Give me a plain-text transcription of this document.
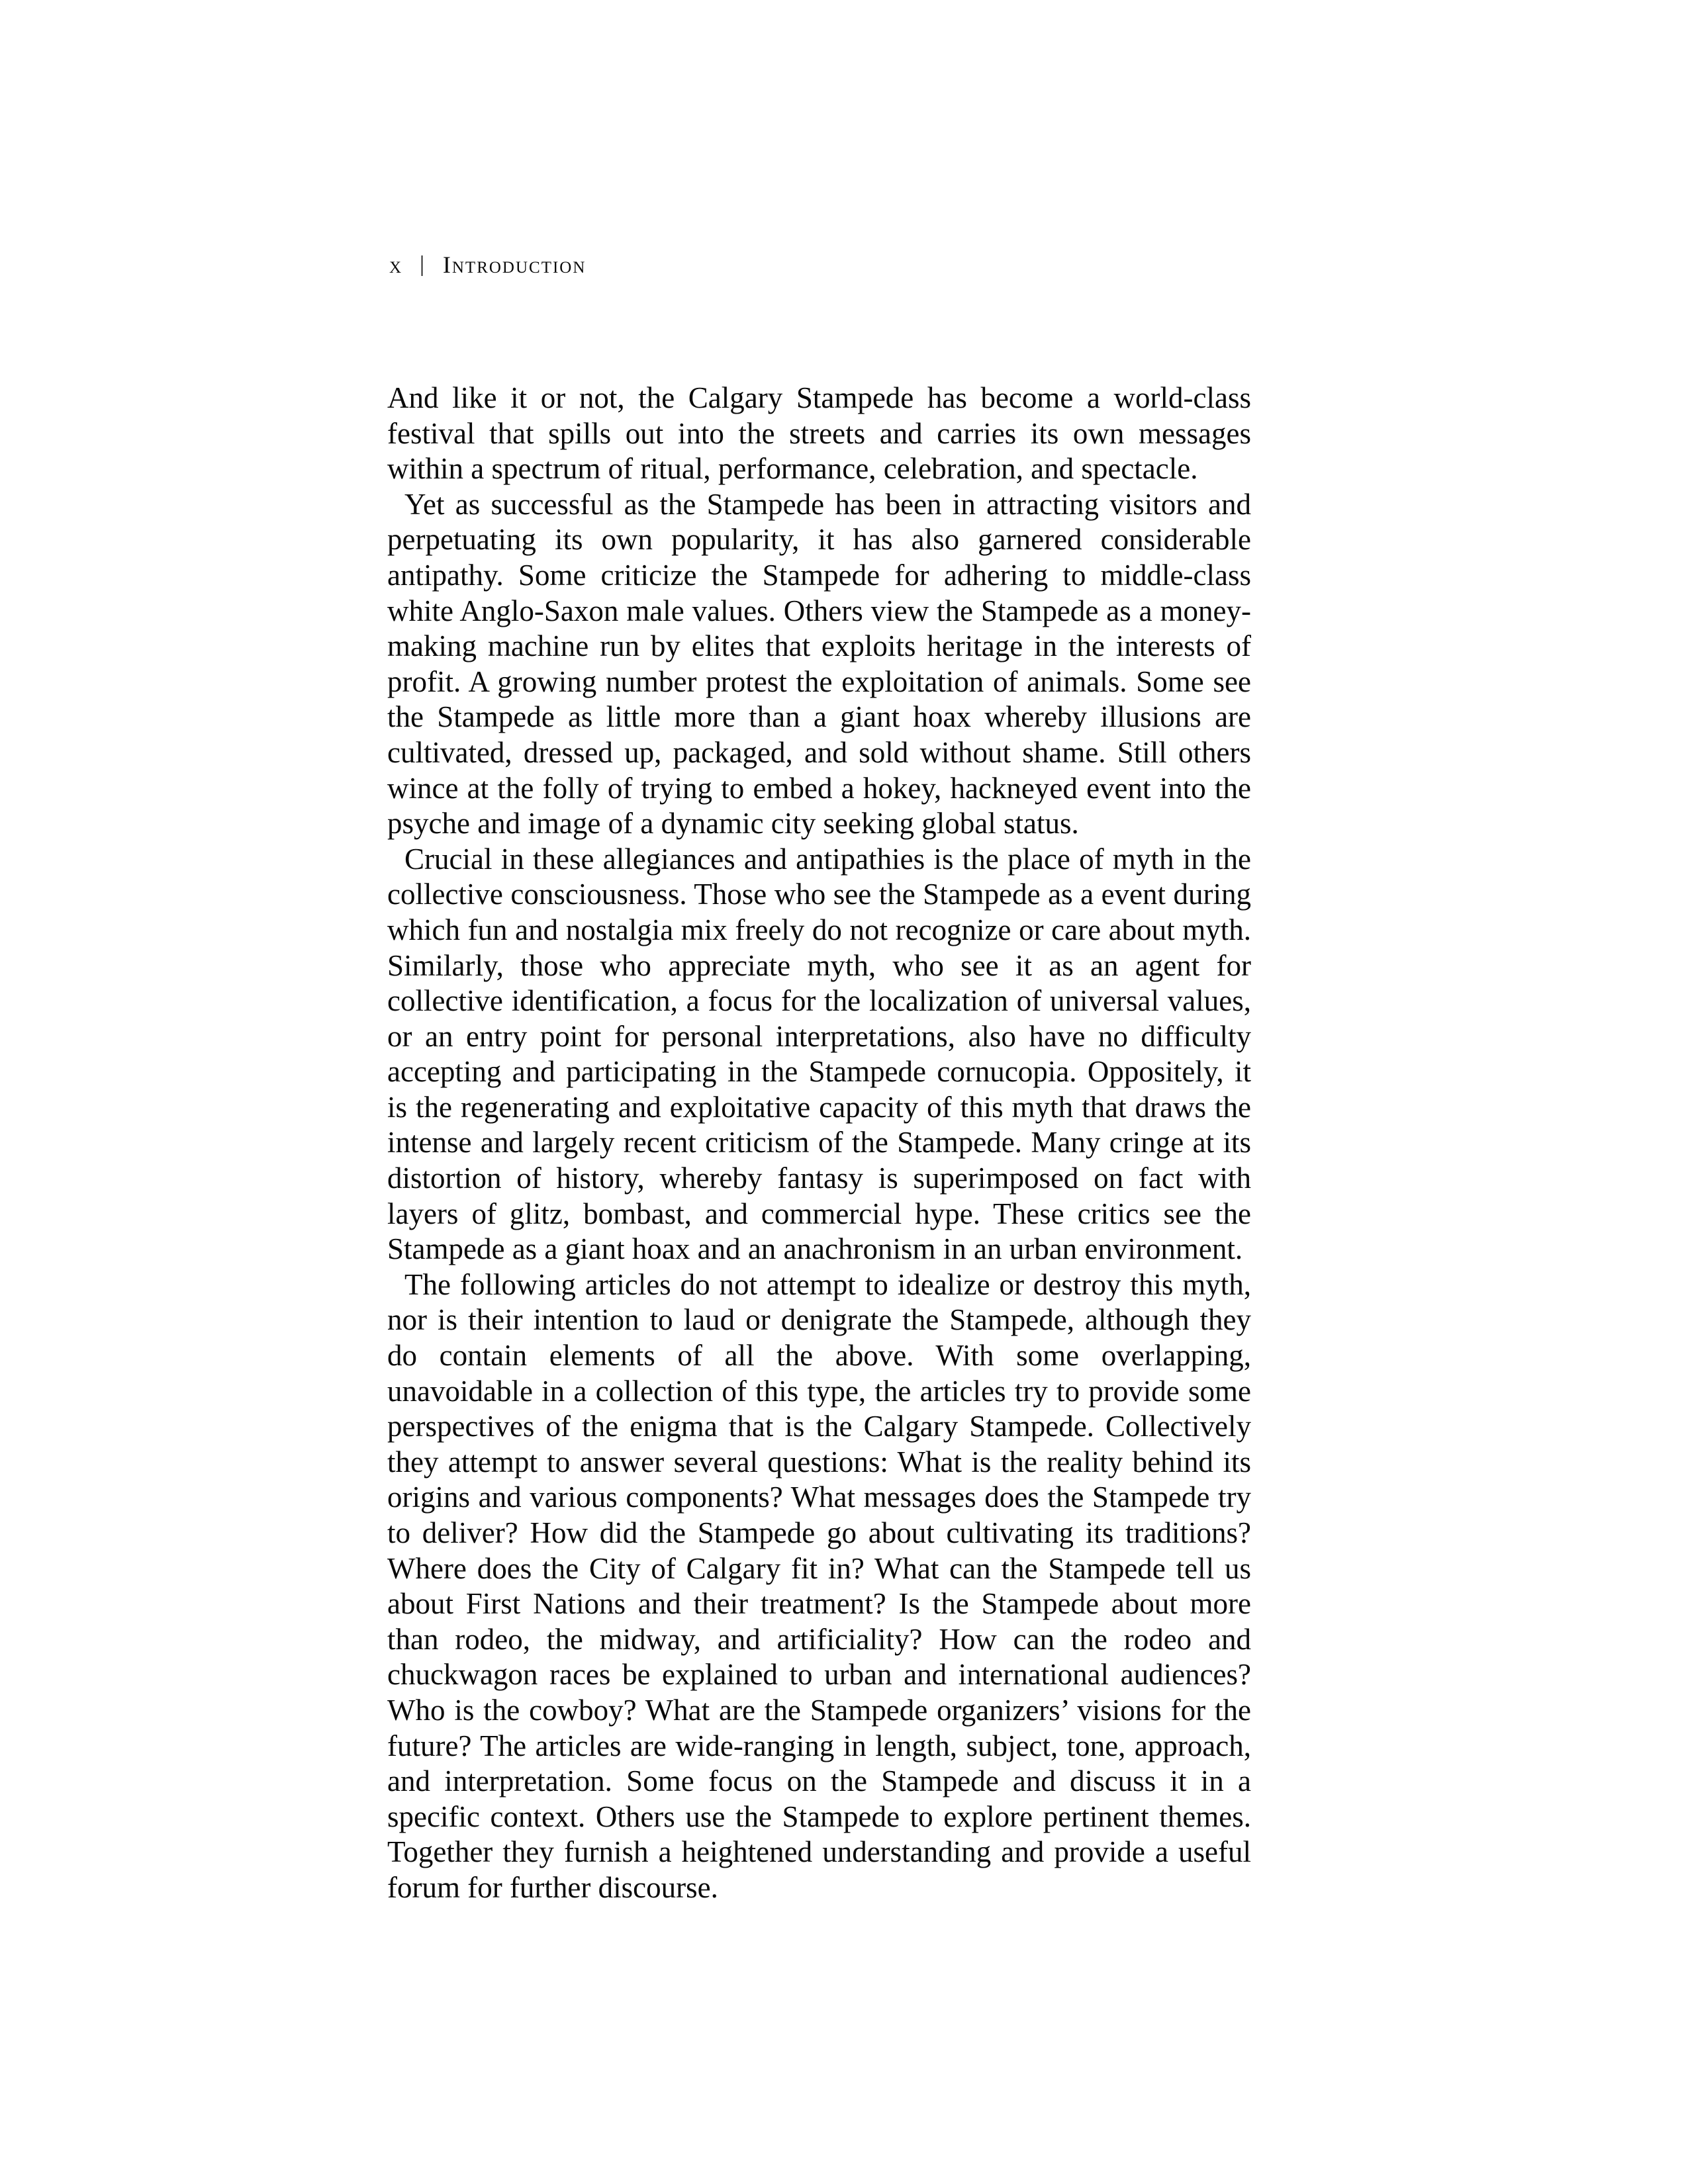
x | Introduction

And like it or not, the Calgary Stampede has become a world-class festival that spills out into the streets and carries its own messages within a spectrum of ritual, performance, celebration, and spectacle.

Yet as successful as the Stampede has been in attracting visitors and perpetuating its own popularity, it has also garnered considerable antipathy. Some criticize the Stampede for adhering to middle-class white Anglo-Saxon male values. Others view the Stampede as a money-making machine run by elites that exploits heritage in the interests of profit. A growing number protest the exploitation of animals. Some see the Stampede as little more than a giant hoax whereby illusions are cultivated, dressed up, packaged, and sold without shame. Still others wince at the folly of trying to embed a hokey, hackneyed event into the psyche and image of a dynamic city seeking global status.

Crucial in these allegiances and antipathies is the place of myth in the collective consciousness. Those who see the Stampede as a event during which fun and nostalgia mix freely do not recognize or care about myth. Similarly, those who appreciate myth, who see it as an agent for collective identification, a focus for the localization of universal values, or an entry point for personal interpretations, also have no difficulty accepting and participating in the Stampede cornucopia. Oppositely, it is the regenerating and exploitative capacity of this myth that draws the intense and largely recent criticism of the Stampede. Many cringe at its distortion of history, whereby fantasy is superimposed on fact with layers of glitz, bombast, and commercial hype. These critics see the Stampede as a giant hoax and an anachronism in an urban environment.

The following articles do not attempt to idealize or destroy this myth, nor is their intention to laud or denigrate the Stampede, although they do contain elements of all the above. With some overlapping, unavoidable in a collection of this type, the articles try to provide some perspectives of the enigma that is the Calgary Stampede. Collectively they attempt to answer several questions: What is the reality behind its origins and various components? What messages does the Stampede try to deliver? How did the Stampede go about cultivating its traditions? Where does the City of Calgary fit in? What can the Stampede tell us about First Nations and their treatment? Is the Stampede about more than rodeo, the midway, and artificiality? How can the rodeo and chuckwagon races be explained to urban and international audiences? Who is the cowboy? What are the Stampede organizers’ visions for the future? The articles are wide-ranging in length, subject, tone, approach, and interpretation. Some focus on the Stampede and discuss it in a specific context. Others use the Stampede to explore pertinent themes. Together they furnish a heightened understanding and provide a useful forum for further discourse.
